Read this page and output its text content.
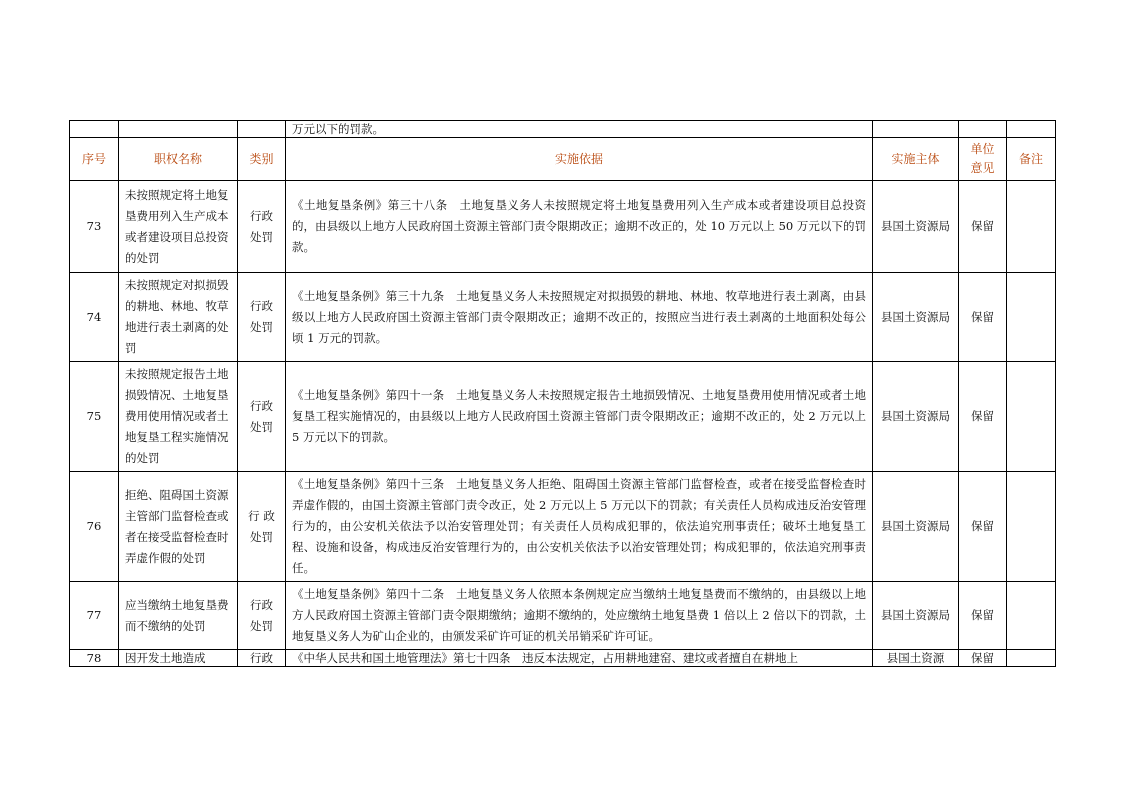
			万元以下的罚款。			
序号	职权名称	类别	实施依据	实施主体	单位意见	备注
73	未按照规定将土地复垦费用列入生产成本或者建设项目总投资的处罚	行政处罚	《土地复垦条例》第三十八条　土地复垦义务人未按照规定将土地复垦费用列入生产成本或者建设项目总投资的，由县级以上地方人民政府国土资源主管部门责令限期改正；逾期不改正的，处 10 万元以上 50 万元以下的罚款。	县国土资源局	保留	
74	未按照规定对拟损毁的耕地、林地、牧草地进行表土剥离的处罚	行政处罚	《土地复垦条例》第三十九条　土地复垦义务人未按照规定对拟损毁的耕地、林地、牧草地进行表土剥离，由县级以上地方人民政府国土资源主管部门责令限期改正；逾期不改正的，按照应当进行表土剥离的土地面积处每公顷 1 万元的罚款。	县国土资源局	保留	
75	未按照规定报告土地损毁情况、土地复垦费用使用情况或者土地复垦工程实施情况的处罚	行政处罚	《土地复垦条例》第四十一条　土地复垦义务人未按照规定报告土地损毁情况、土地复垦费用使用情况或者土地复垦工程实施情况的，由县级以上地方人民政府国土资源主管部门责令限期改正；逾期不改正的，处 2 万元以上 5 万元以下的罚款。	县国土资源局	保留	
76	拒绝、阻碍国土资源主管部门监督检查或者在接受监督检查时弄虚作假的处罚	行 政处罚	《土地复垦条例》第四十三条　土地复垦义务人拒绝、阻碍国土资源主管部门监督检查，或者在接受监督检查时弄虚作假的，由国土资源主管部门责令改正，处 2 万元以上 5 万元以下的罚款；有关责任人员构成违反治安管理行为的，由公安机关依法予以治安管理处罚；有关责任人员构成犯罪的，依法追究刑事责任；破坏土地复垦工程、设施和设备，构成违反治安管理行为的，由公安机关依法予以治安管理处罚；构成犯罪的，依法追究刑事责任。	县国土资源局	保留	
77	应当缴纳土地复垦费而不缴纳的处罚	行政处罚	《土地复垦条例》第四十二条　土地复垦义务人依照本条例规定应当缴纳土地复垦费而不缴纳的，由县级以上地方人民政府国土资源主管部门责令限期缴纳；逾期不缴纳的，处应缴纳土地复垦费 1 倍以上 2 倍以下的罚款，土地复垦义务人为矿山企业的，由颁发采矿许可证的机关吊销采矿许可证。	县国土资源局	保留	
78	因开发土地造成	行政	《中华人民共和国土地管理法》第七十四条　违反本法规定，占用耕地建窑、建坟或者擅自在耕地上	县国土资源	保留	
